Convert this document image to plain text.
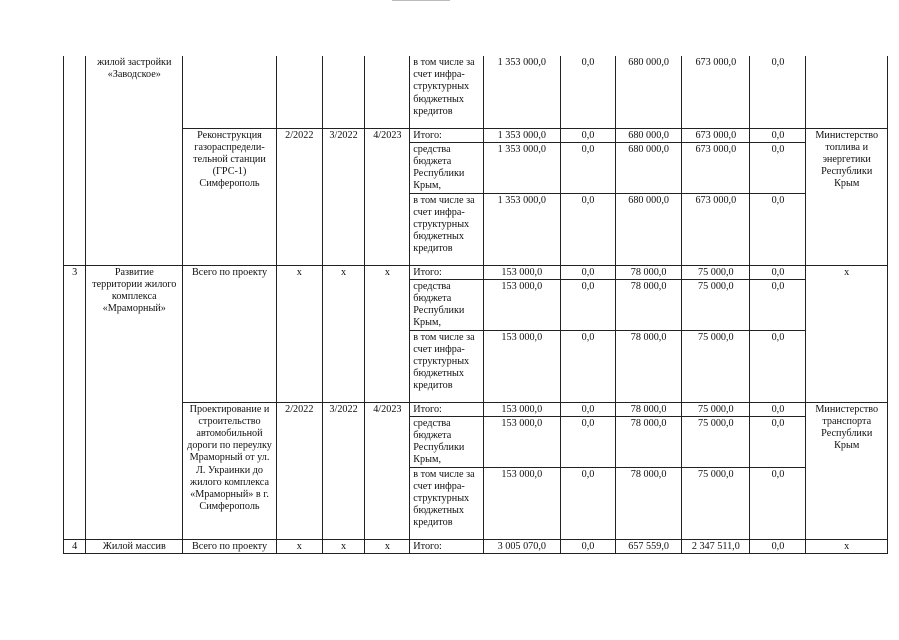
	жилой застройки «Заводское»					в том числе за счет инфра-структурных бюджетных кредитов	1 353 000,0	0,0	680 000,0	673 000,0	0,0	
		Реконструкция газораспредели-тельной станции (ГРС-1) Симферополь	2/2022	3/2022	4/2023	Итого:	1 353 000,0	0,0	680 000,0	673 000,0	0,0	Министерство топлива и энергетики Республики Крым
						средства бюджета Республики Крым,	1 353 000,0	0,0	680 000,0	673 000,0	0,0	
						в том числе за счет инфра-структурных бюджетных кредитов	1 353 000,0	0,0	680 000,0	673 000,0	0,0	
3	Развитие территории жилого комплекса «Мраморный»	Всего по проекту	x	x	x	Итого:	153 000,0	0,0	78 000,0	75 000,0	0,0	x
						средства бюджета Республики Крым,	153 000,0	0,0	78 000,0	75 000,0	0,0	
						в том числе за счет инфра-структурных бюджетных кредитов	153 000,0	0,0	78 000,0	75 000,0	0,0	
		Проектирование и строительство автомобильной дороги по переулку Мраморный от ул. Л. Украинки до жилого комплекса «Мраморный» в г. Симферополь	2/2022	3/2022	4/2023	Итого:	153 000,0	0,0	78 000,0	75 000,0	0,0	Министерство транспорта Республики Крым
						средства бюджета Республики Крым,	153 000,0	0,0	78 000,0	75 000,0	0,0	
						в том числе за счет инфра-структурных бюджетных кредитов	153 000,0	0,0	78 000,0	75 000,0	0,0	
4	Жилой массив	Всего по проекту	x	x	x	Итого:	3 005 070,0	0,0	657 559,0	2 347 511,0	0,0	x
